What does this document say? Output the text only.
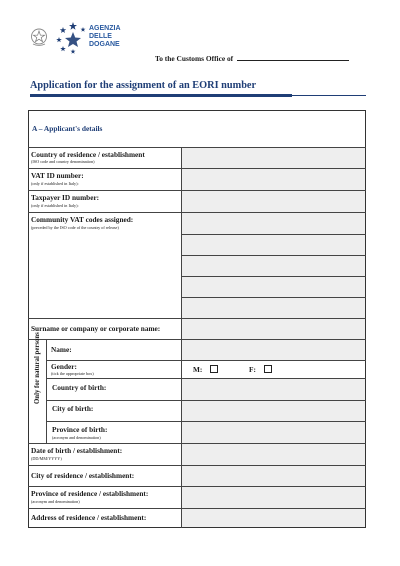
AGENZIA
DELLE
DOGANE
To the Customs Office of
Application for the assignment of an EORI number
A – Applicant's details
Country of residence / establishment
(ISO code and country denomination)
VAT ID number:
(only if established in Italy):
Taxpayer ID number:
(only if established in Italy):
Community VAT codes assigned:
(preceded by the ISO code of the country of release)
Surname or company or corporate name:
Only for natural persons Name:
Gender:
(tick the appropriate box)	M:	F:
Country of birth:
City of birth:
Province of birth:
(acronym and denomination)
Date of birth / establishment:
(DD/MM/YYYY)
City of residence / establishment:
Province of residence / establishment:
(acronym and denomination)
Address of residence / establishment:
